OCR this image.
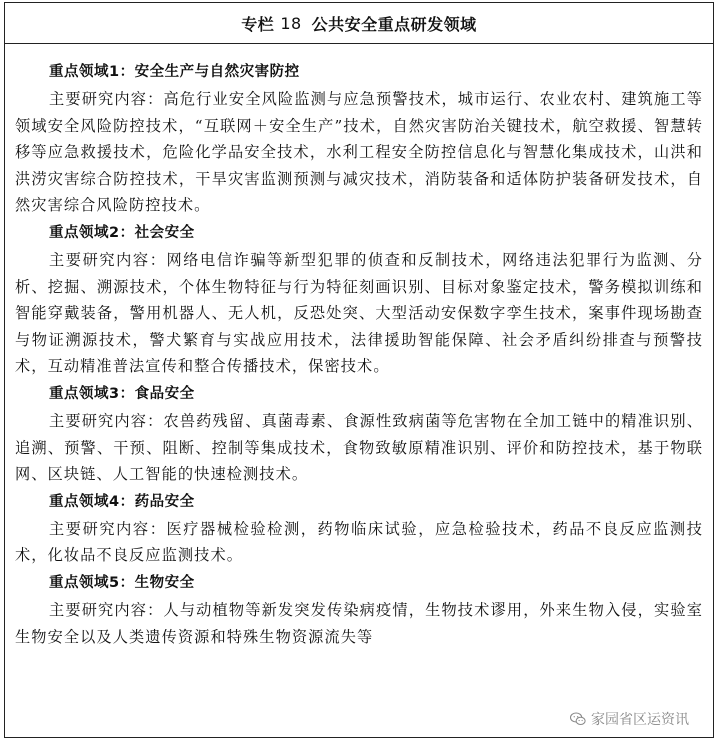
专栏 18 公共安全重点研发领域
重点领域1：安全生产与自然灾害防控

主要研究内容：高危行业安全风险监测与应急预警技术，城市运行、农业农村、建筑施工等领域安全风险防控技术，“互联网＋安全生产”技术，自然灾害防治关键技术，航空救援、智慧转移等应急救援技术，危险化学品安全技术，水利工程安全防控信息化与智慧化集成技术，山洪和洪涝灾害综合防控技术，干旱灾害监测预测与减灾技术，消防装备和适体防护装备研发技术，自然灾害综合风险防控技术。

重点领域2：社会安全

主要研究内容：网络电信诈骗等新型犯罪的侦查和反制技术，网络违法犯罪行为监测、分析、挖掘、溯源技术，个体生物特征与行为特征刻画识别、目标对象鉴定技术，警务模拟训练和智能穿戴装备，警用机器人、无人机，反恐处突、大型活动安保数字孪生技术，案事件现场勘查与物证溯源技术，警犬繁育与实战应用技术，法律援助智能保障、社会矛盾纠纷排查与预警技术，互动精准普法宣传和整合传播技术，保密技术。

重点领域3：食品安全

主要研究内容：农兽药残留、真菌毒素、食源性致病菌等危害物在全加工链中的精准识别、追溯、预警、干预、阻断、控制等集成技术，食物致敏原精准识别、评价和防控技术，基于物联网、区块链、人工智能的快速检测技术。

重点领域4：药品安全

主要研究内容：医疗器械检验检测，药物临床试验，应急检验技术，药品不良反应监测技术，化妆品不良反应监测技术。

重点领域5：生物安全

主要研究内容：人与动植物等新发突发传染病疫情，生物技术谬用，外来生物入侵，实验室生物安全以及人类遗传资源和特殊生物资源流失等

家园省区运资讯
